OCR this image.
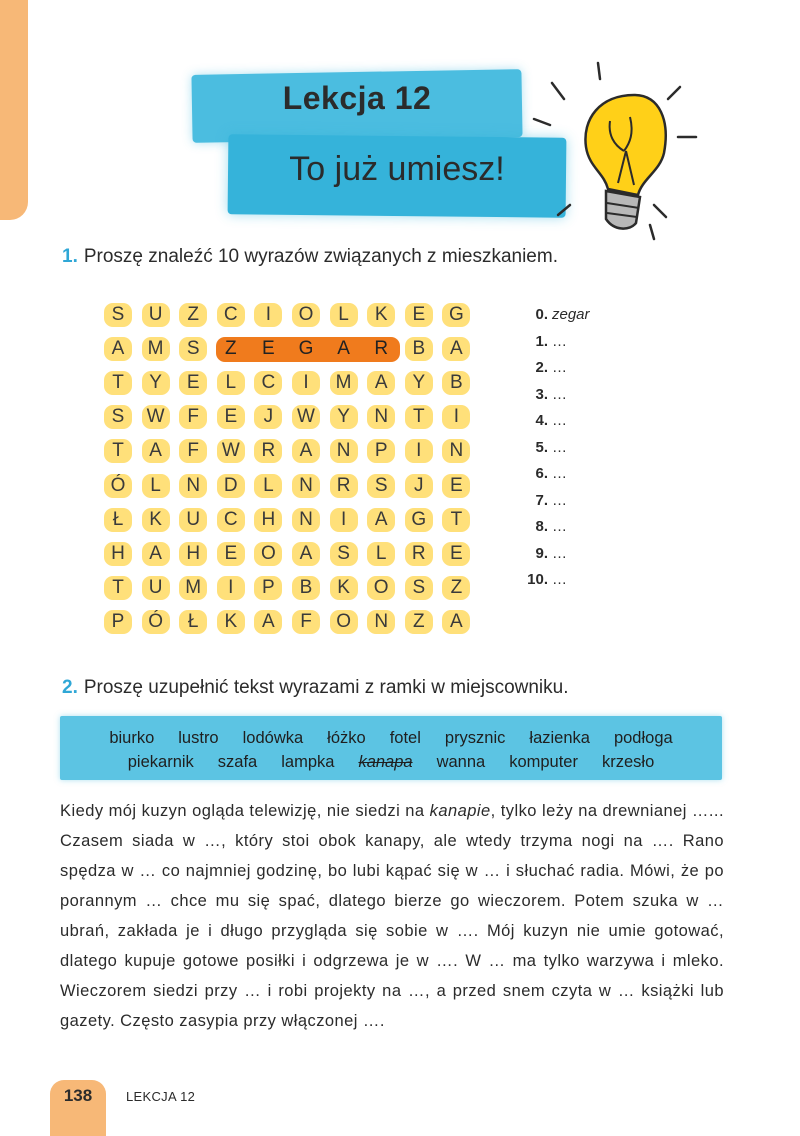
Lekcja 12
To już umiesz!
1. Proszę znaleźć 10 wyrazów związanych z mieszkaniem.
S	U	Z	C	I	O	L	K	E	G
A	M	S	Z	E	G	A	R	B	A
T	Y	E	L	C	I	M	A	Y	B
S	W	F	E	J	W	Y	N	T	I
T	A	F	W	R	A	N	P	I	N
Ó	L	N	D	L	N	R	S	J	E
Ł	K	U	C	H	N	I	A	G	T
H	A	H	E	O	A	S	L	R	E
T	U	M	I	P	B	K	O	S	Z
P	Ó	Ł	K	A	F	O	N	Z	A
0. zegar
1. …
2. …
3. …
4. …
5. …
6. …
7. …
8. …
9. …
10. …
2. Proszę uzupełnić tekst wyrazami z ramki w miejscowniku.
biurko lustro lodówka łóżko fotel prysznic łazienka podłoga
piekarnik szafa lampka kanapa wanna komputer krzesło
Kiedy mój kuzyn ogląda telewizję, nie siedzi na kanapie, tylko leży na drewnianej …... Czasem siada w …, który stoi obok kanapy, ale wtedy trzyma nogi na …. Rano spędza w … co najmniej godzinę, bo lubi kąpać się w … i słuchać radia. Mówi, że po porannym … chce mu się spać, dlatego bierze go wieczorem. Potem szuka w … ubrań, zakłada je i długo przygląda się sobie w …. Mój kuzyn nie umie gotować, dlatego kupuje gotowe posiłki i odgrzewa je w …. W … ma tylko warzywa i mleko. Wieczorem siedzi przy … i robi projekty na …, a przed snem czyta w … książki lub gazety. Często zasypia przy włączonej ….
138	LEKCJA 12
